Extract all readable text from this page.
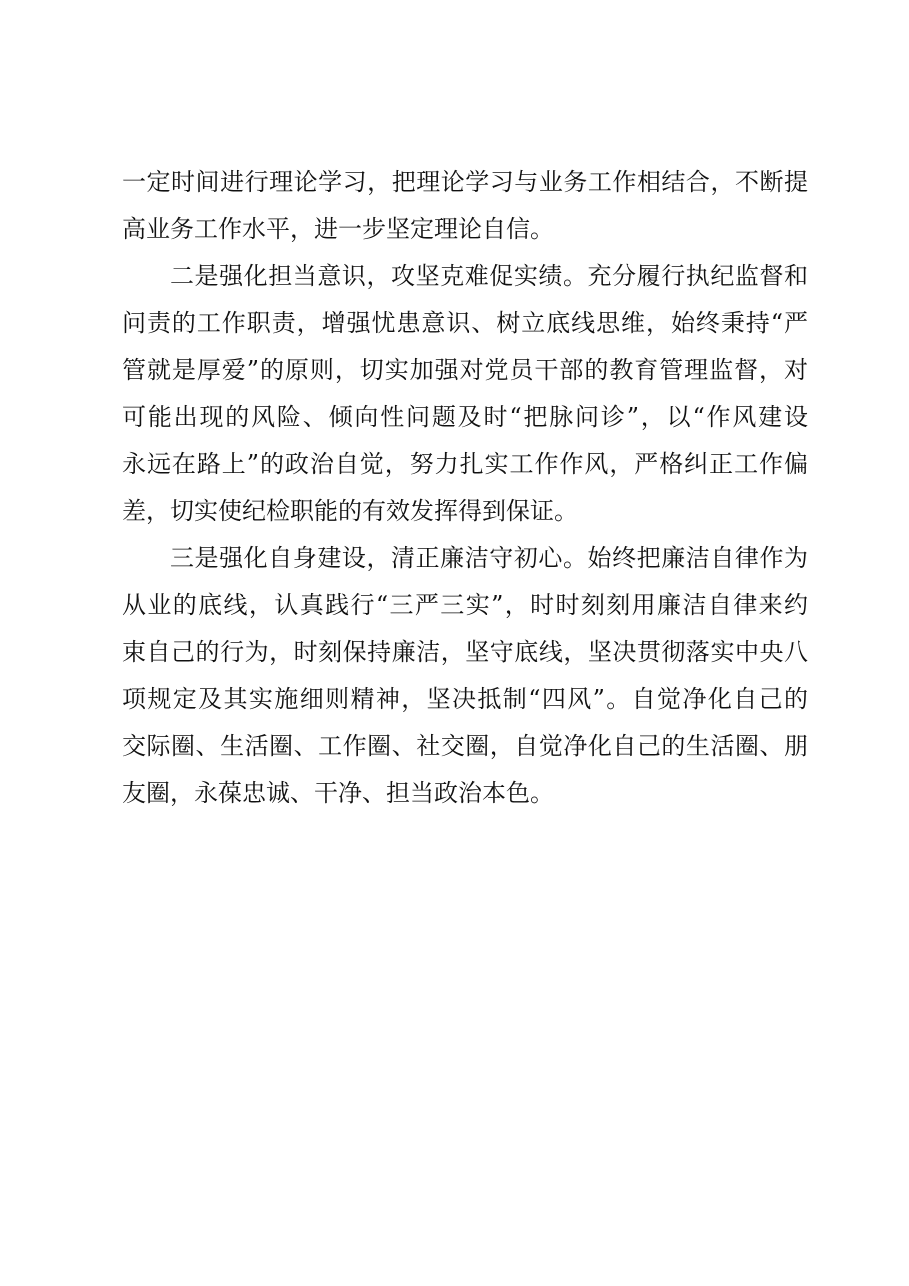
一定时间进行理论学习，把理论学习与业务工作相结合，不断提
高业务工作水平，进一步坚定理论自信。
二是强化担当意识，攻坚克难促实绩。充分履行执纪监督和
问责的工作职责，增强忧患意识、树立底线思维，始终秉持“严
管就是厚爱”的原则，切实加强对党员干部的教育管理监督，对
可能出现的风险、倾向性问题及时“把脉问诊”，以“作风建设
永远在路上”的政治自觉，努力扎实工作作风，严格纠正工作偏
差，切实使纪检职能的有效发挥得到保证。
三是强化自身建设，清正廉洁守初心。始终把廉洁自律作为
从业的底线，认真践行“三严三实”，时时刻刻用廉洁自律来约
束自己的行为，时刻保持廉洁，坚守底线，坚决贯彻落实中央八
项规定及其实施细则精神，坚决抵制“四风”。自觉净化自己的
交际圈、生活圈、工作圈、社交圈，自觉净化自己的生活圈、朋
友圈，永葆忠诚、干净、担当政治本色。
